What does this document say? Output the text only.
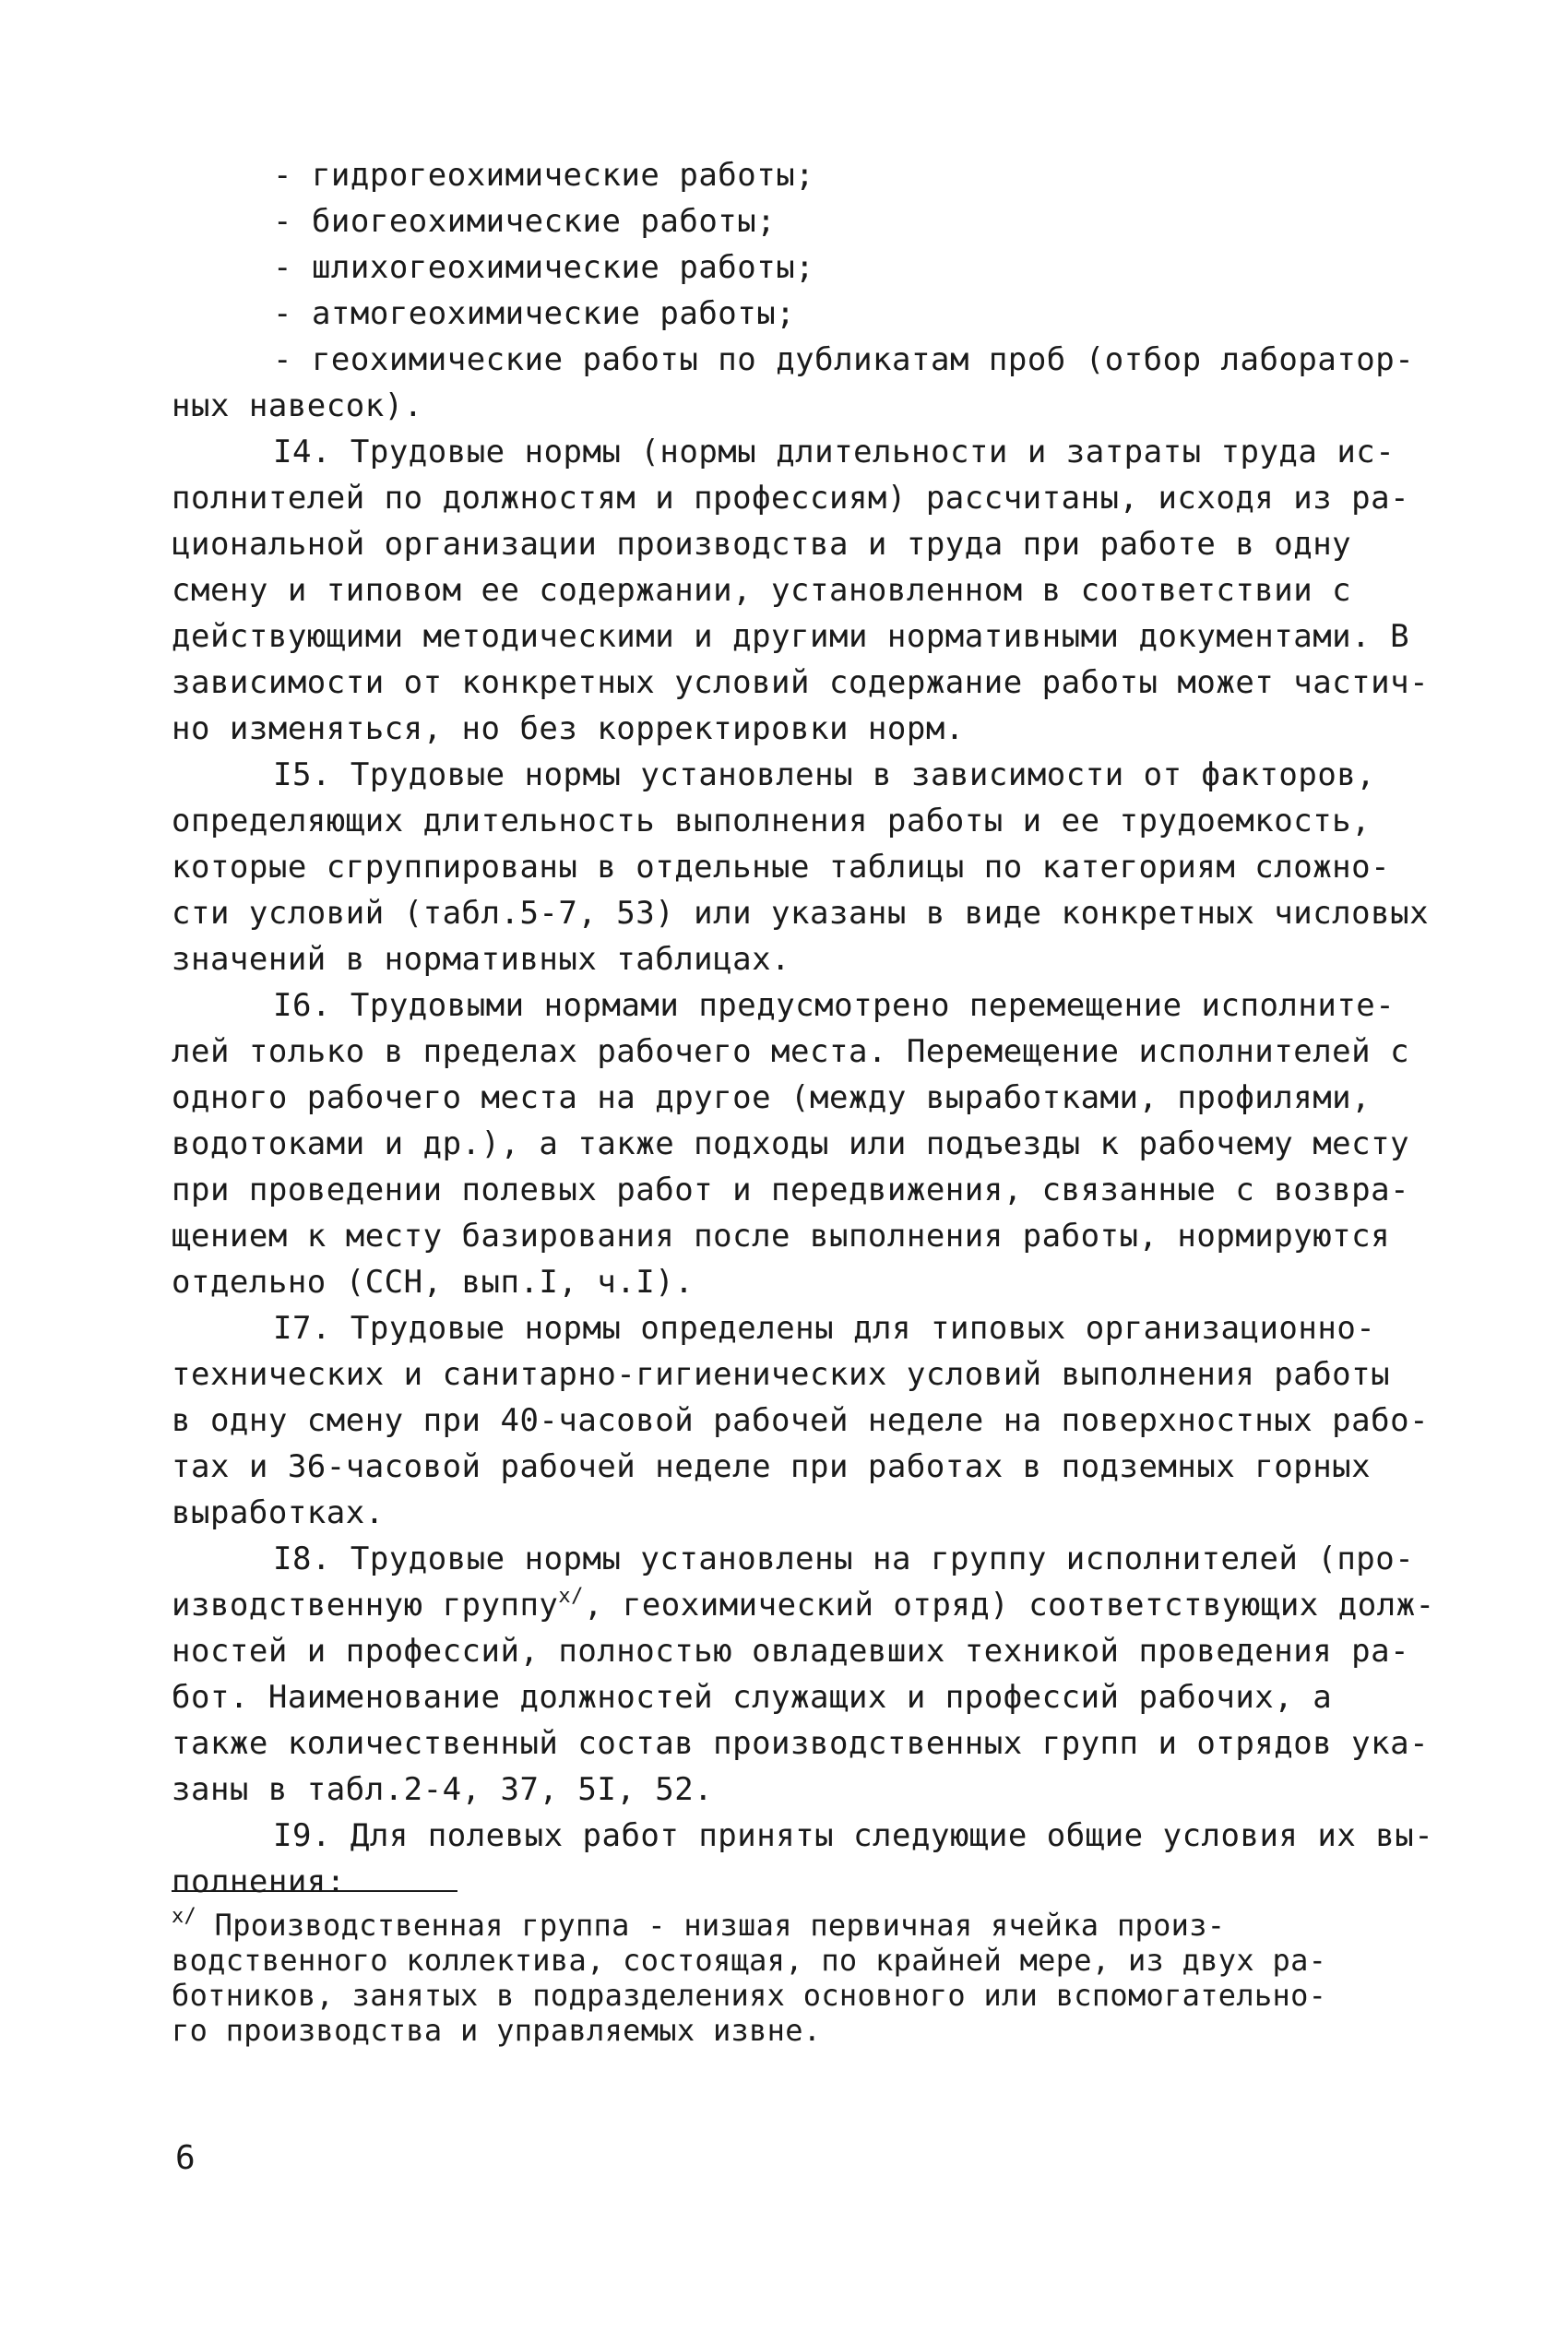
- гидрогеохимические работы;
- биогеохимические работы;
- шлихогеохимические работы;
- атмогеохимические работы;
- геохимические работы по дубликатам проб (отбор лаборатор-
ных навесок).
I4. Трудовые нормы (нормы длительности и затраты труда ис-
полнителей по должностям и профессиям) рассчитаны, исходя из ра-
циональной организации производства и труда при работе в одну
смену и типовом ее содержании, установленном в соответствии с
действующими методическими и другими нормативными документами. В
зависимости от конкретных условий содержание работы может частич-
но изменяться, но без корректировки норм.
I5. Трудовые нормы установлены в зависимости от факторов,
определяющих длительность выполнения работы и ее трудоемкость,
которые сгруппированы в отдельные таблицы по категориям сложно-
сти условий (табл.5-7, 53) или указаны в виде конкретных числовых
значений в нормативных таблицах.
I6. Трудовыми нормами предусмотрено перемещение исполните-
лей только в пределах рабочего места. Перемещение исполнителей с
одного рабочего места на другое (между выработками, профилями,
водотоками и др.), а также подходы или подъезды к рабочему месту
при проведении полевых работ и передвижения, связанные с возвра-
щением к месту базирования после выполнения работы, нормируются
отдельно (ССН, вып.I, ч.I).
I7. Трудовые нормы определены для типовых организационно-
технических и санитарно-гигиенических условий выполнения работы
в одну смену при 40-часовой рабочей неделе на поверхностных рабо-
тах и 36-часовой рабочей неделе при работах в подземных горных
выработках.
I8. Трудовые нормы установлены на группу исполнителей (про-
изводственную группу$^{х/}$, геохимический отряд) соответствующих долж-
ностей и профессий, полностью овладевших техникой проведения ра-
бот. Наименование должностей служащих и профессий рабочих, а
также количественный состав производственных групп и отрядов ука-
заны в табл.2-4, 37, 5I, 52.
I9. Для полевых работ приняты следующие общие условия их вы-
полнения:
$^{х/}$ Производственная группа - низшая первичная ячейка произ-
водственного коллектива, состоящая, по крайней мере, из двух ра-
ботников, занятых в подразделениях основного или вспомогательно-
го производства и управляемых извне.
6
